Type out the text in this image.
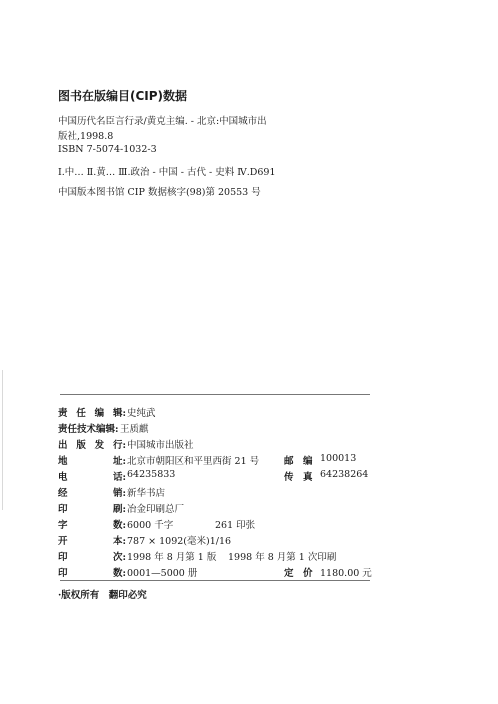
图书在版编目(CIP)数据
中国历代名臣言行录/黄克主编. - 北京:中国城市出
版社,1998.8
ISBN 7-5074-1032-3
Ⅰ.中… Ⅱ.黄… Ⅲ.政治 - 中国 - 古代 - 史料 Ⅳ.D691
中国版本图书馆 CIP 数据核字(98)第 20553 号
责 任 编 辑: 史纯武
责任技术编辑: 王质麒
出 版 发 行: 中国城市出版社
地	址: 北京市朝阳区和平里西街 21 号	邮　编 100013
电	话: 64235833	传　真 64238264
经	销: 新华书店
印	刷: 冶金印刷总厂
字	数: 6000 千字	261 印张
开	本: 787 × 1092(毫米)1/16
印	次: 1998 年 8 月第 1 版 1998 年 8 月第 1 次印刷
印	数: 0001—5000 册	定　价 1180.00 元
·版权所有　翻印必究
